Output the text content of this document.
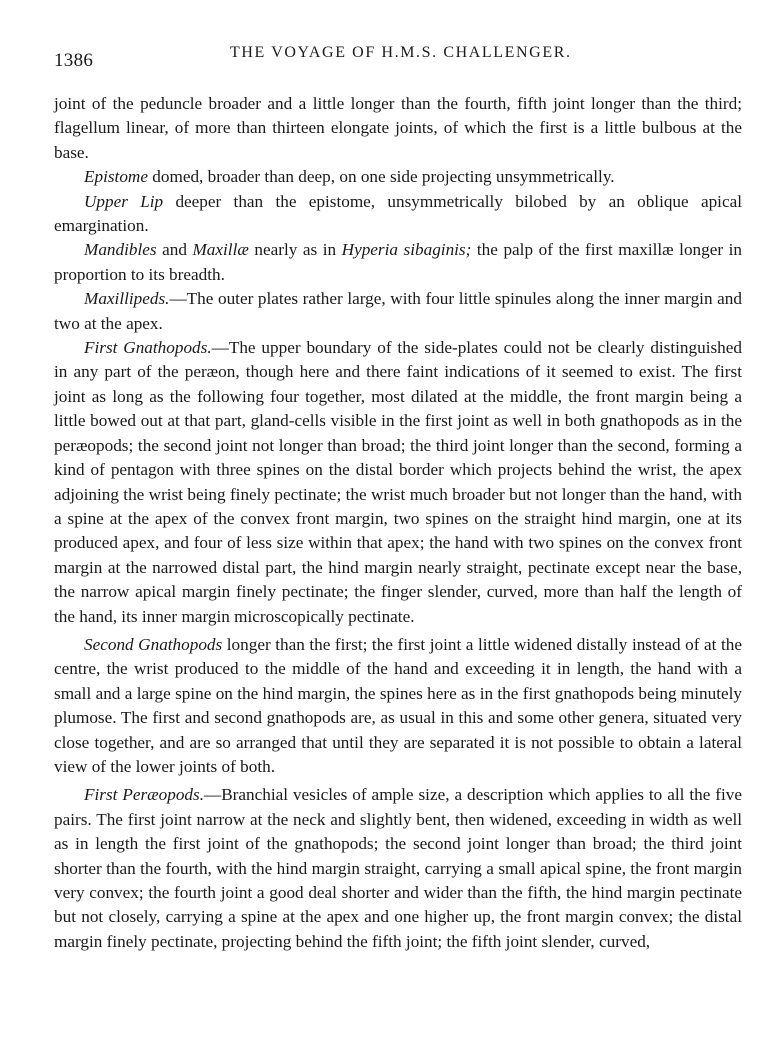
1386	THE VOYAGE OF H.M.S. CHALLENGER.

joint of the peduncle broader and a little longer than the fourth, fifth joint longer than the third; flagellum linear, of more than thirteen elongate joints, of which the first is a little bulbous at the base.

Epistome domed, broader than deep, on one side projecting unsymmetrically.

Upper Lip deeper than the epistome, unsymmetrically bilobed by an oblique apical emargination.

Mandibles and Maxillæ nearly as in Hyperia sibaginis; the palp of the first maxillæ longer in proportion to its breadth.

Maxillipeds.—The outer plates rather large, with four little spinules along the inner margin and two at the apex.

First Gnathopods.—The upper boundary of the side-plates could not be clearly distinguished in any part of the peræon, though here and there faint indications of it seemed to exist. The first joint as long as the following four together, most dilated at the middle, the front margin being a little bowed out at that part, gland-cells visible in the first joint as well in both gnathopods as in the peræopods; the second joint not longer than broad; the third joint longer than the second, forming a kind of pentagon with three spines on the distal border which projects behind the wrist, the apex adjoining the wrist being finely pectinate; the wrist much broader but not longer than the hand, with a spine at the apex of the convex front margin, two spines on the straight hind margin, one at its produced apex, and four of less size within that apex; the hand with two spines on the convex front margin at the narrowed distal part, the hind margin nearly straight, pectinate except near the base, the narrow apical margin finely pectinate; the finger slender, curved, more than half the length of the hand, its inner margin microscopically pectinate.

Second Gnathopods longer than the first; the first joint a little widened distally instead of at the centre, the wrist produced to the middle of the hand and exceeding it in length, the hand with a small and a large spine on the hind margin, the spines here as in the first gnathopods being minutely plumose. The first and second gnathopods are, as usual in this and some other genera, situated very close together, and are so arranged that until they are separated it is not possible to obtain a lateral view of the lower joints of both.

First Peræopods.—Branchial vesicles of ample size, a description which applies to all the five pairs. The first joint narrow at the neck and slightly bent, then widened, exceeding in width as well as in length the first joint of the gnathopods; the second joint longer than broad; the third joint shorter than the fourth, with the hind margin straight, carrying a small apical spine, the front margin very convex; the fourth joint a good deal shorter and wider than the fifth, the hind margin pectinate but not closely, carrying a spine at the apex and one higher up, the front margin convex; the distal margin finely pectinate, projecting behind the fifth joint; the fifth joint slender, curved,
